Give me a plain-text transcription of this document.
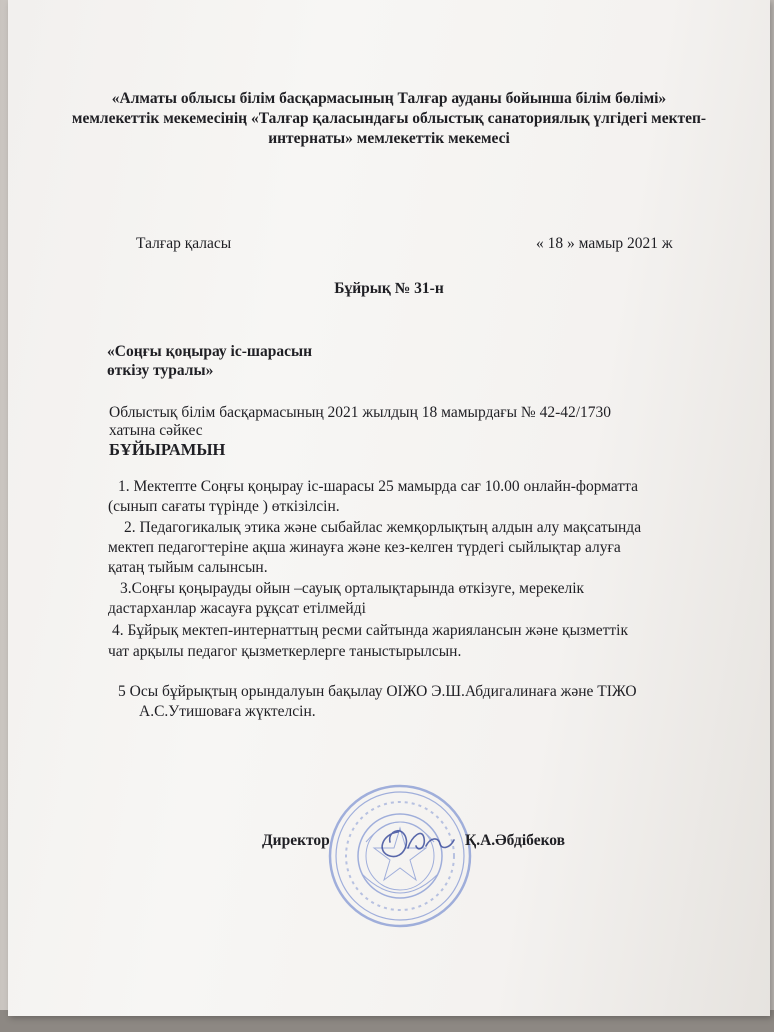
«Алматы облысы білім басқармасының Талғар ауданы бойынша білім бөлімі»
мемлекеттік мекемесінің «Талғар қаласындағы облыстық санаториялық үлгідегі мектеп-
интернаты» мемлекеттік мекемесі
Талғар қаласы	« 18 » мамыр 2021 ж
Бұйрық № 31-н
«Соңғы қоңырау іс-шарасын
өткізу туралы»
Облыстық білім басқармасының 2021 жылдың 18 мамырдағы № 42-42/1730
хатына сәйкес
БҰЙЫРАМЫН
1. Мектепте Соңғы қоңырау іс-шарасы 25 мамырда сағ 10.00 онлайн-форматта
(сынып сағаты түрінде ) өткізілсін.
2. Педагогикалық этика және сыбайлас жемқорлықтың алдын алу мақсатында
мектеп педагогтеріне ақша жинауға және кез-келген түрдегі сыйлықтар алуға
қатаң тыйым салынсын.
3.Соңғы қоңырауды ойын –сауық орталықтарында өткізуге, мерекелік
дастарханлар жасауға рұқсат етілмейді
4. Бұйрық мектеп-интернаттың ресми сайтында жариялансын және қызметтік
чат арқылы педагог қызметкерлерге таныстырылсын.
5 Осы бұйрықтың орындалуын бақылау ОІЖО Э.Ш.Абдигалинаға және ТІЖО
А.С.Утишоваға жүктелсін.
Директор	Қ.А.Әбдібеков
